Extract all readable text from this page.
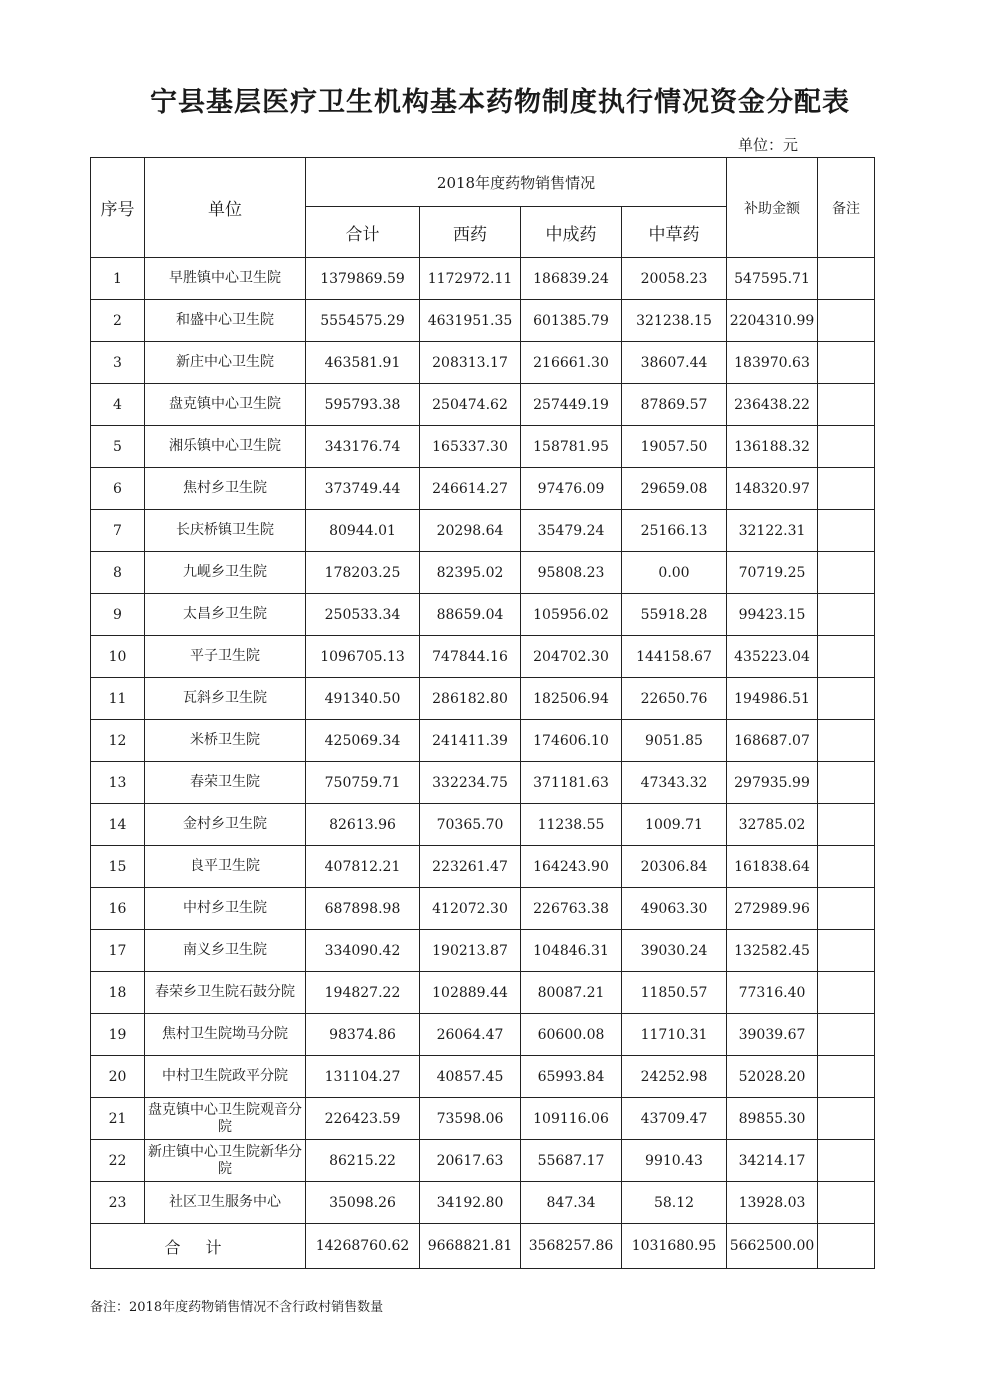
宁县基层医疗卫生机构基本药物制度执行情况资金分配表
单位：元
序号	单位	2018年度药物销售情况				补助金额	备注
		合计	西药	中成药	中草药		
1	早胜镇中心卫生院	1379869.59	1172972.11	186839.24	20058.23	547595.71	
2	和盛中心卫生院	5554575.29	4631951.35	601385.79	321238.15	2204310.99	
3	新庄中心卫生院	463581.91	208313.17	216661.30	38607.44	183970.63	
4	盘克镇中心卫生院	595793.38	250474.62	257449.19	87869.57	236438.22	
5	湘乐镇中心卫生院	343176.74	165337.30	158781.95	19057.50	136188.32	
6	焦村乡卫生院	373749.44	246614.27	97476.09	29659.08	148320.97	
7	长庆桥镇卫生院	80944.01	20298.64	35479.24	25166.13	32122.31	
8	九岘乡卫生院	178203.25	82395.02	95808.23	0.00	70719.25	
9	太昌乡卫生院	250533.34	88659.04	105956.02	55918.28	99423.15	
10	平子卫生院	1096705.13	747844.16	204702.30	144158.67	435223.04	
11	瓦斜乡卫生院	491340.50	286182.80	182506.94	22650.76	194986.51	
12	米桥卫生院	425069.34	241411.39	174606.10	9051.85	168687.07	
13	春荣卫生院	750759.71	332234.75	371181.63	47343.32	297935.99	
14	金村乡卫生院	82613.96	70365.70	11238.55	1009.71	32785.02	
15	良平卫生院	407812.21	223261.47	164243.90	20306.84	161838.64	
16	中村乡卫生院	687898.98	412072.30	226763.38	49063.30	272989.96	
17	南义乡卫生院	334090.42	190213.87	104846.31	39030.24	132582.45	
18	春荣乡卫生院石鼓分院	194827.22	102889.44	80087.21	11850.57	77316.40	
19	焦村卫生院坳马分院	98374.86	26064.47	60600.08	11710.31	39039.67	
20	中村卫生院政平分院	131104.27	40857.45	65993.84	24252.98	52028.20	
21	盘克镇中心卫生院观音分院	226423.59	73598.06	109116.06	43709.47	89855.30	
22	新庄镇中心卫生院新华分院	86215.22	20617.63	55687.17	9910.43	34214.17	
23	社区卫生服务中心	35098.26	34192.80	847.34	58.12	13928.03	
合 计		14268760.62	9668821.81	3568257.86	1031680.95	5662500.00	
备注：2018年度药物销售情况不含行政村销售数量
